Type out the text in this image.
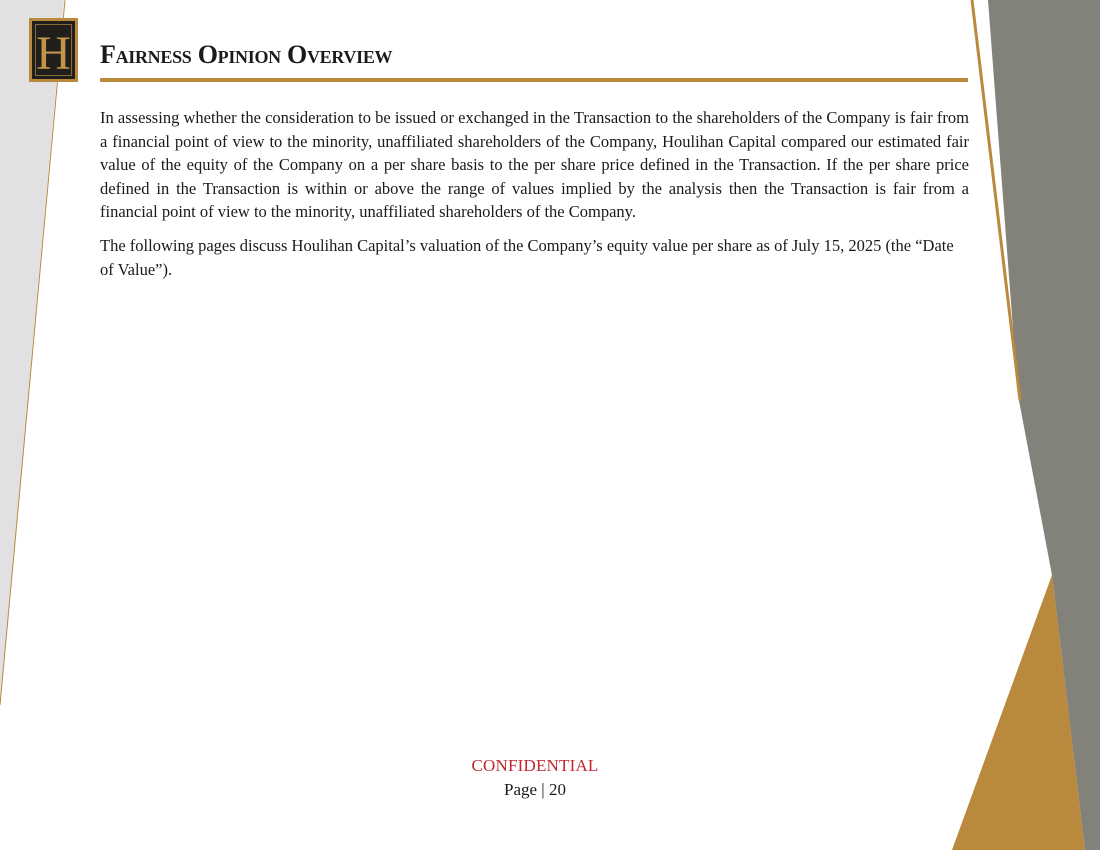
H Fairness Opinion Overview

In assessing whether the consideration to be issued or exchanged in the Transaction to the shareholders of the Company is fair from a financial point of view to the minority, unaffiliated shareholders of the Company, Houlihan Capital compared our estimated fair value of the equity of the Company on a per share basis to the per share price defined in the Transaction. If the per share price defined in the Transaction is within or above the range of values implied by the analysis then the Transaction is fair from a financial point of view to the minority, unaffiliated shareholders of the Company.

The following pages discuss Houlihan Capital’s valuation of the Company’s equity value per share as of July 15, 2025 (the “Date of Value”).

CONFIDENTIAL
Page | 20
